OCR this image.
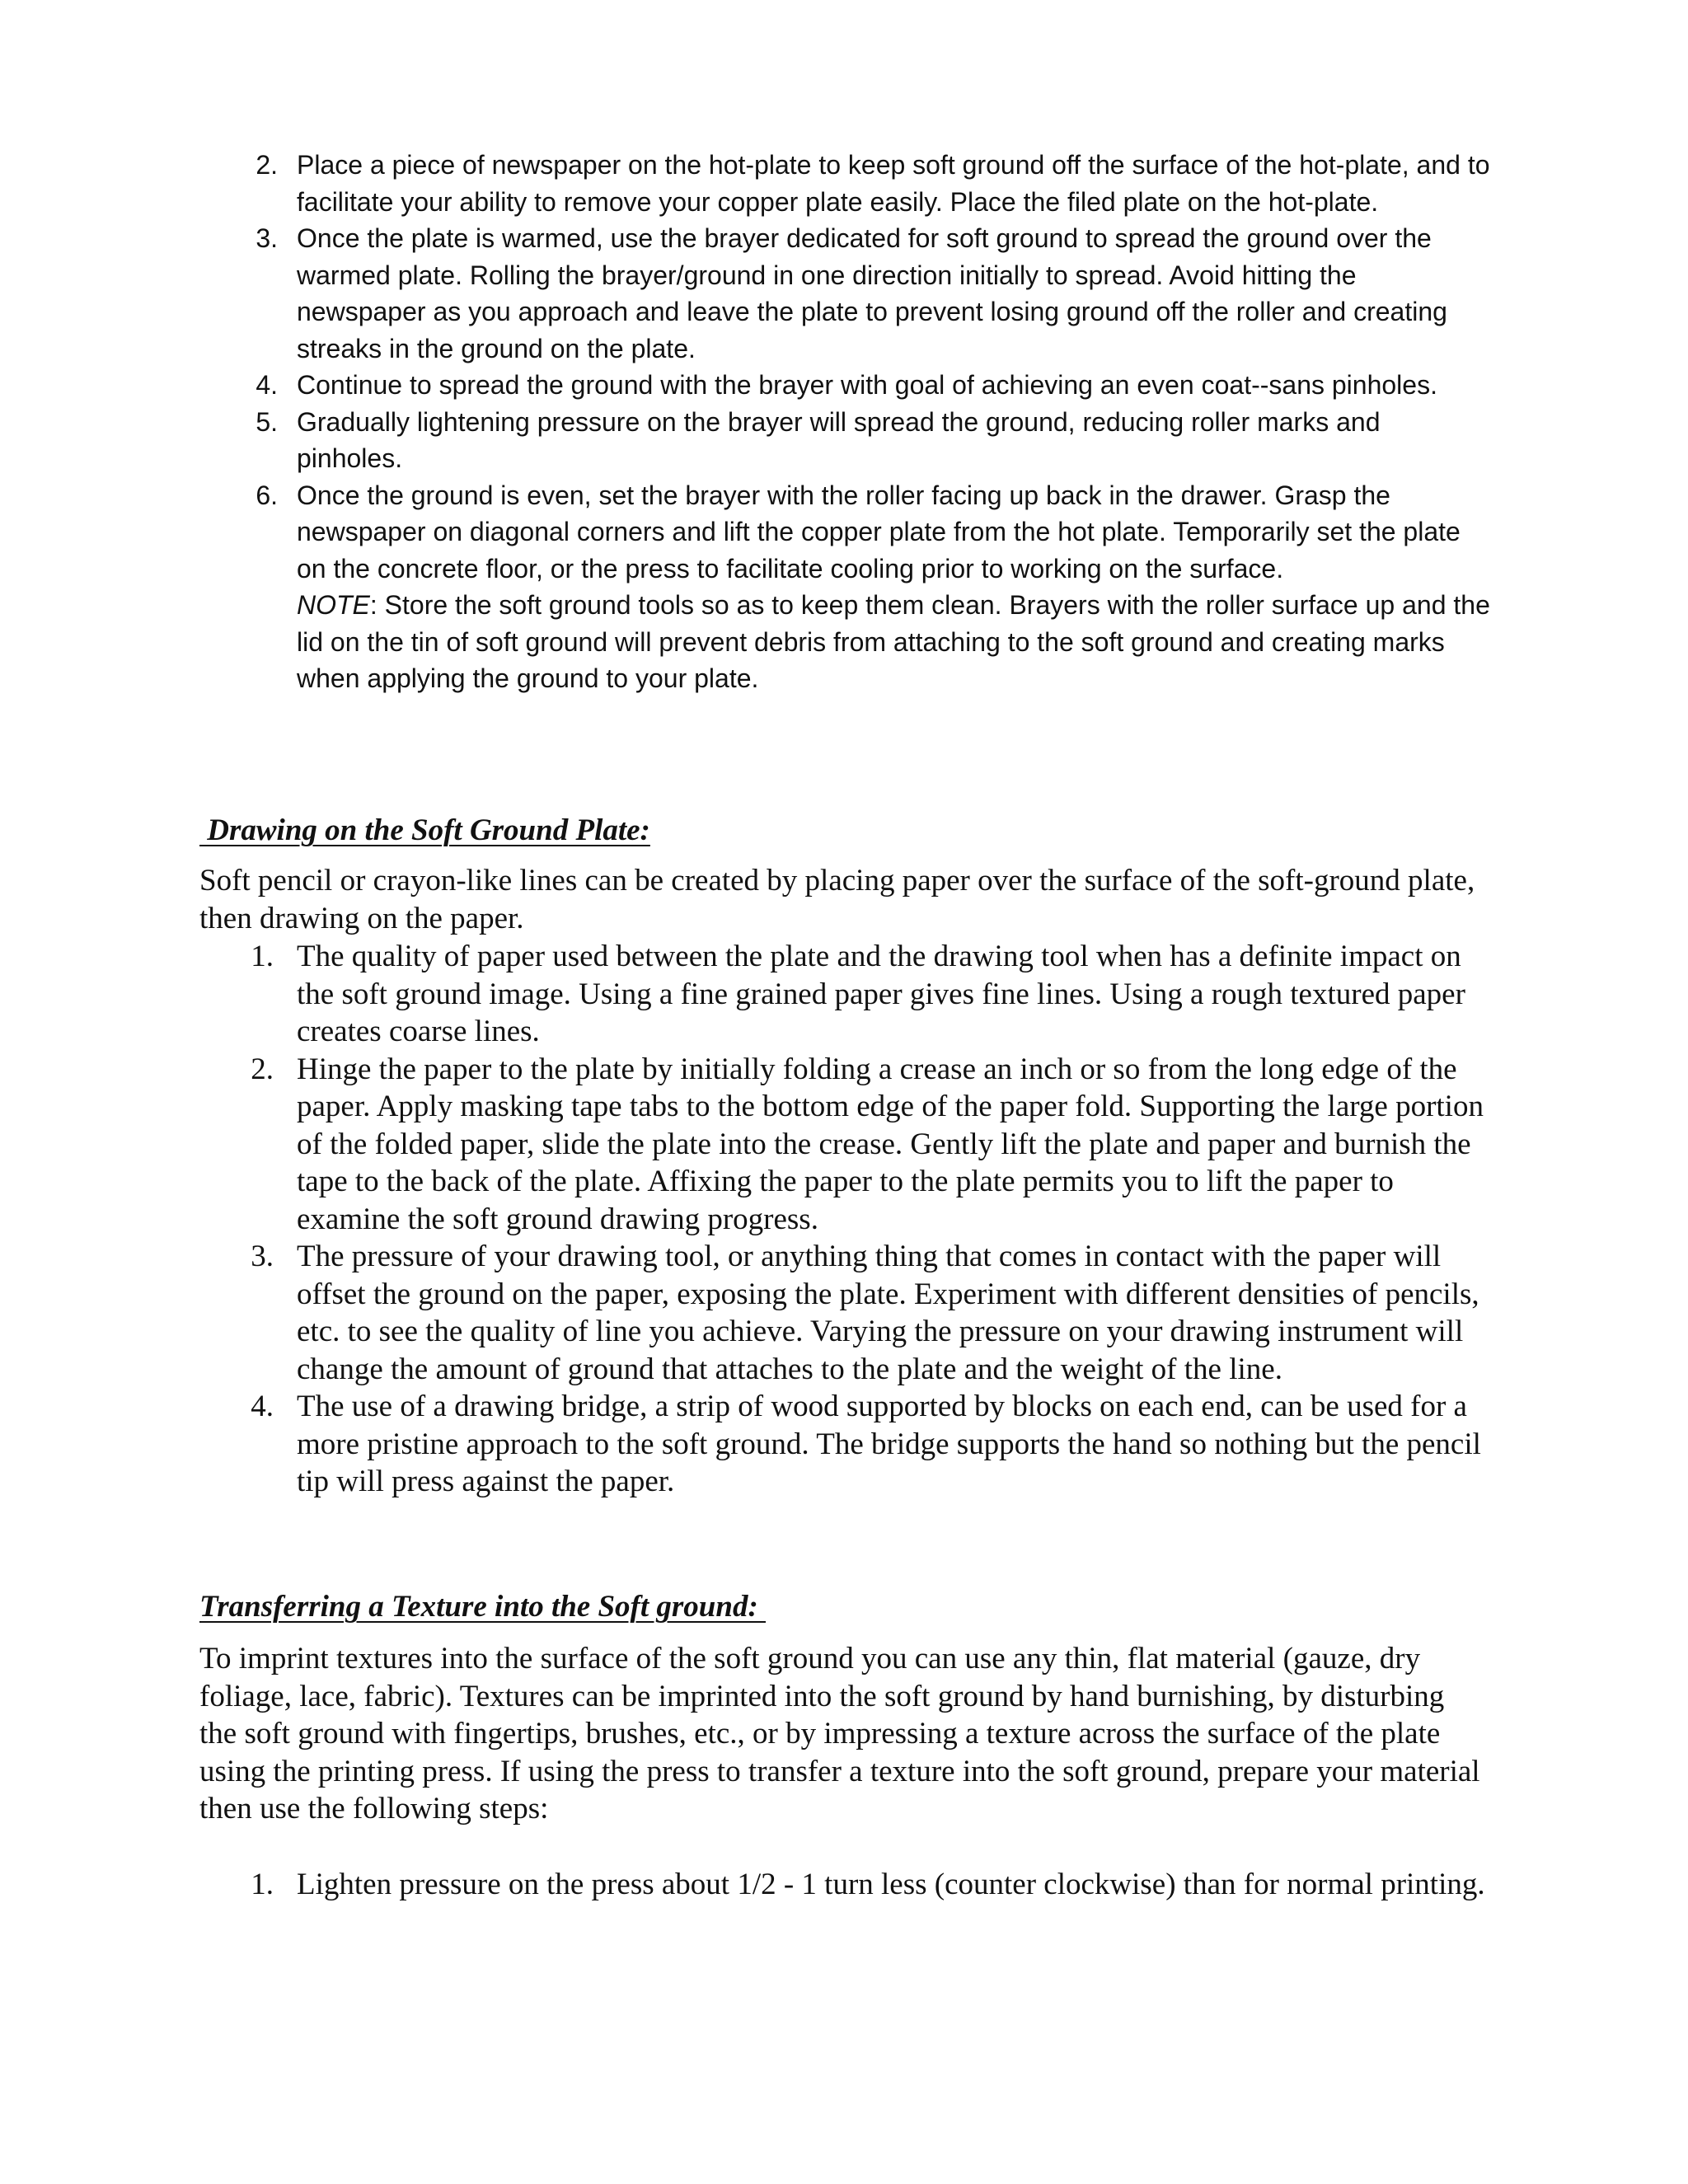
2 . Place a piece of newspaper on the hot-plate to keep soft ground off the surface of the hot-plate, and to facilitate your ability to remove your copper plate easily. Place the filed plate on the hot-plate.
3 . Once the plate is warmed, use the brayer dedicated for soft ground to spread the ground over the warmed plate. Rolling the brayer/ground in one direction initially to spread. Avoid hitting the newspaper as you approach and leave the plate to prevent losing ground off the roller and creating streaks in the ground on the plate.
4 . Continue to spread the ground with the brayer with goal of achieving an even coat--sans pinholes.
5 . Gradually lightening pressure on the brayer will spread the ground, reducing roller marks and pinholes.
6 . Once the ground is even, set the brayer with the roller facing up back in the drawer. Grasp the newspaper on diagonal corners and lift the copper plate from the hot plate. Temporarily set the plate on the concrete floor, or the press to facilitate cooling prior to working on the surface.
NOTE: Store the soft ground tools so as to keep them clean. Brayers with the roller surface up and the lid on the tin of soft ground will prevent debris from attaching to the soft ground and creating marks when applying the ground to your plate.
Drawing on the Soft Ground Plate:

Soft pencil or crayon-like lines can be created by placing paper over the surface of the soft-ground plate, then drawing on the paper.

1 . The quality of paper used between the plate and the drawing tool when has a definite impact on the soft ground image. Using a fine grained paper gives fine lines. Using a rough textured paper creates coarse lines.
2 . Hinge the paper to the plate by initially folding a crease an inch or so from the long edge of the paper. Apply masking tape tabs to the bottom edge of the paper fold. Supporting the large portion of the folded paper, slide the plate into the crease. Gently lift the plate and paper and burnish the tape to the back of the plate. Affixing the paper to the plate permits you to lift the paper to examine the soft ground drawing progress.
3 . The pressure of your drawing tool, or anything thing that comes in contact with the paper will offset the ground on the paper, exposing the plate. Experiment with different densities of pencils, etc. to see the quality of line you achieve. Varying the pressure on your drawing instrument will change the amount of ground that attaches to the plate and the weight of the line.
4 . The use of a drawing bridge, a strip of wood supported by blocks on each end, can be used for a more pristine approach to the soft ground. The bridge supports the hand so nothing but the pencil tip will press against the paper.
Transferring a Texture into the Soft ground:

To imprint textures into the surface of the soft ground you can use any thin, flat material (gauze, dry foliage, lace, fabric). Textures can be imprinted into the soft ground by hand burnishing, by disturbing the soft ground with fingertips, brushes, etc., or by impressing a texture across the surface of the plate using the printing press. If using the press to transfer a texture into the soft ground, prepare your material then use the following steps:

1 . Lighten pressure on the press about 1/2 - 1 turn less (counter clockwise) than for normal printing.
